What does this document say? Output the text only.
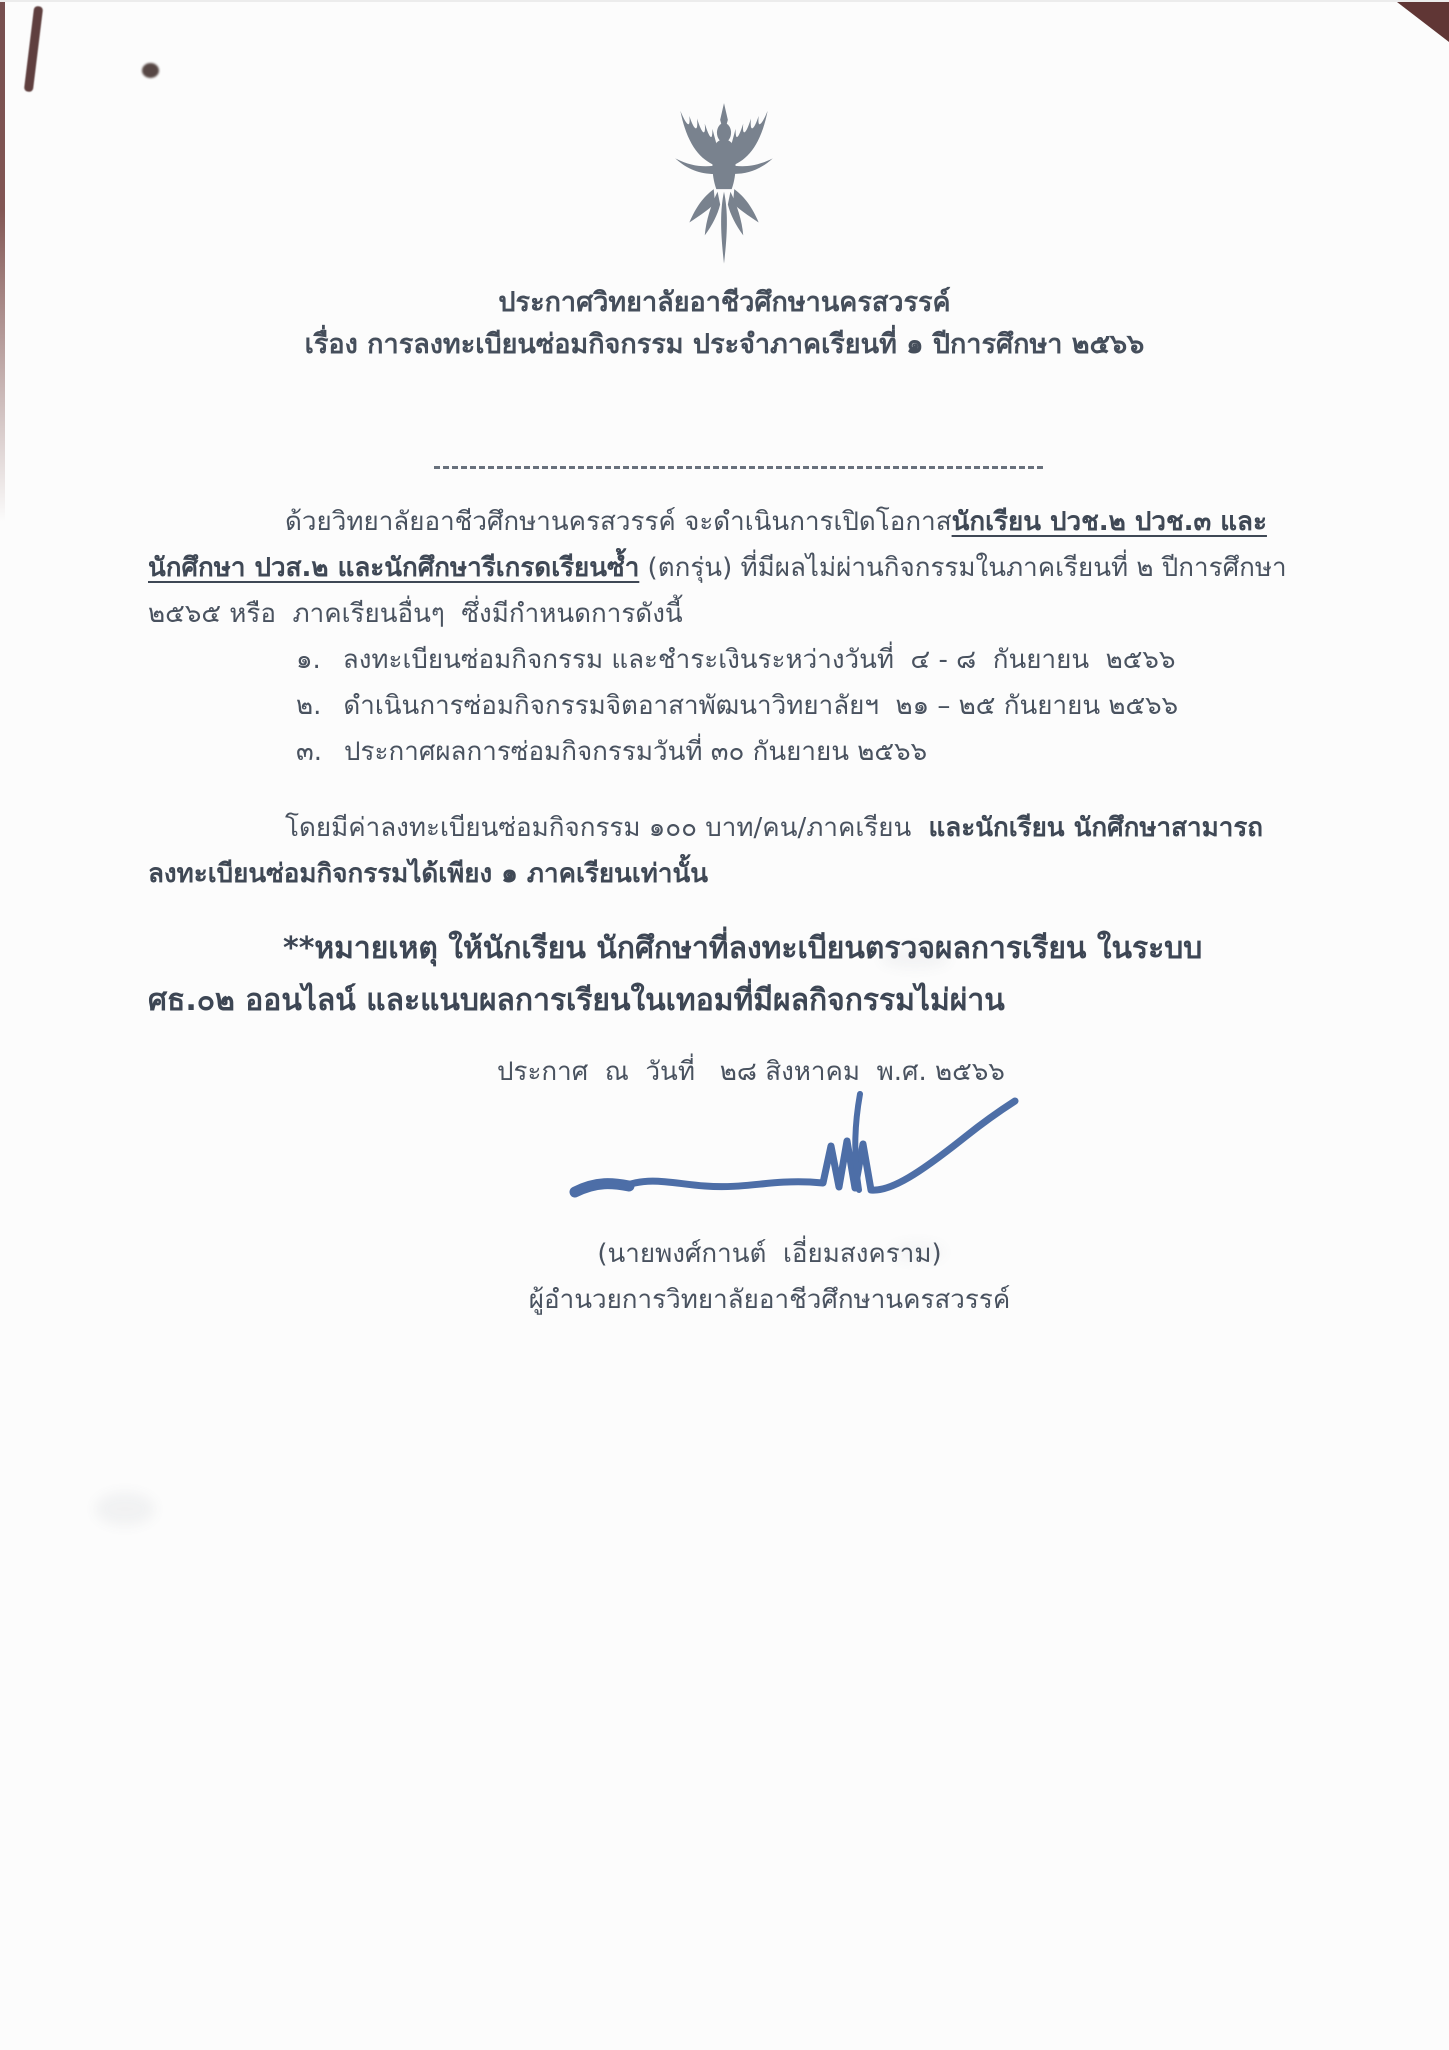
ประกาศวิทยาลัยอาชีวศึกษานครสวรรค์
เรื่อง การลงทะเบียนซ่อมกิจกรรม ประจำภาคเรียนที่ ๑ ปีการศึกษา ๒๕๖๖
ด้วยวิทยาลัยอาชีวศึกษานครสวรรค์ จะดำเนินการเปิดโอกาสนักเรียน ปวช.๒ ปวช.๓ และ
นักศึกษา ปวส.๒ และนักศึกษารีเกรดเรียนซ้ำ (ตกรุ่น) ที่มีผลไม่ผ่านกิจกรรมในภาคเรียนที่ ๒ ปีการศึกษา
๒๕๖๕ หรือ  ภาคเรียนอื่นๆ  ซึ่งมีกำหนดการดังนี้
๑. ลงทะเบียนซ่อมกิจกรรม และชำระเงินระหว่างวันที่  ๔ - ๘  กันยายน  ๒๕๖๖
๒. ดำเนินการซ่อมกิจกรรมจิตอาสาพัฒนาวิทยาลัยฯ  ๒๑ – ๒๕ กันยายน ๒๕๖๖
๓. ประกาศผลการซ่อมกิจกรรมวันที่ ๓๐ กันยายน ๒๕๖๖
โดยมีค่าลงทะเบียนซ่อมกิจกรรม ๑๐๐ บาท/คน/ภาคเรียน  และนักเรียน นักศึกษาสามารถ
ลงทะเบียนซ่อมกิจกรรมได้เพียง ๑ ภาคเรียนเท่านั้น
**หมายเหตุ ให้นักเรียน นักศึกษาที่ลงทะเบียนตรวจผลการเรียน ในระบบ
ศธ.๐๒ ออนไลน์ และแนบผลการเรียนในเทอมที่มีผลกิจกรรมไม่ผ่าน
ประกาศ  ณ  วันที่   ๒๘ สิงหาคม  พ.ศ. ๒๕๖๖
(นายพงศ์กานต์  เอี่ยมสงคราม)
ผู้อำนวยการวิทยาลัยอาชีวศึกษานครสวรรค์
